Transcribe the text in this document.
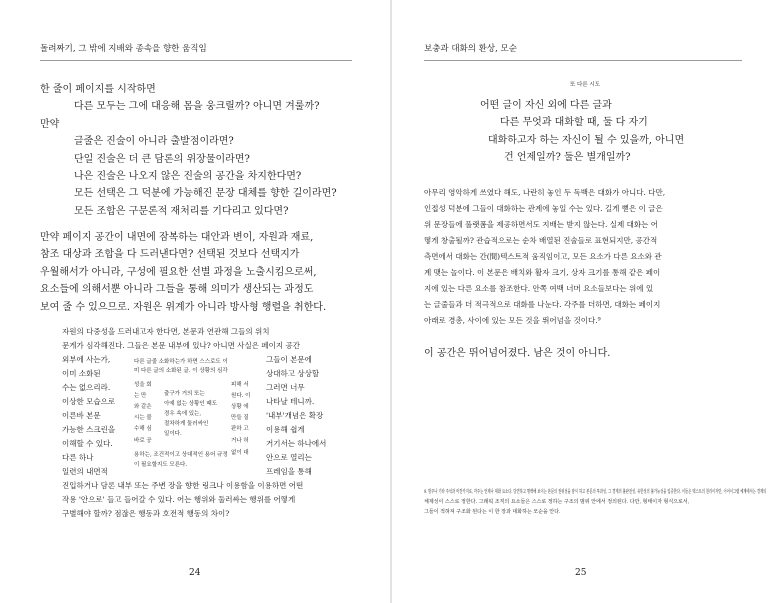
돌려짜기, 그 밖에 지배와 종속을 향한 움직임
한 줄이 페이지를 시작하면
다른 모두는 그에 대응해 몸을 웅크릴까? 아니면 겨룰까?
만약
글줄은 진술이 아니라 출발점이라면?
단일 진술은 더 큰 담론의 위장물이라면?
나은 진술은 나오지 않은 진술의 공간을 차지한다면?
모든 선택은 그 덕분에 가능해진 문장 대체를 향한 길이라면?
모든 조합은 구문론적 재처리를 기다리고 있다면?
만약 페이지 공간이 내면에 잠복하는 대안과 변이, 자원과 재료,
참조 대상과 조합을 다 드러낸다면? 선택된 것보다 선택지가
우월해서가 아니라, 구성에 필요한 선별 과정을 노출시킴으로써,
요소들에 의해서뿐 아니라 그들을 통해 의미가 생산되는 과정도
보여 줄 수 있으므로. 자원은 위계가 아니라 방사형 행렬을 취한다.
자원의 다중성을 드러내고자 한다면, 본문과 연관해 그들의 위치
문게가 심각해진다. 그들은 본문 내부에 있나? 아니면 사실은 페이지 공간
외부에 사는가,
이미 소화된
수는 없으리라.
이상한 모습으로
이른바 본문
가능한 스크린을
이해할 수 있다.
다른 하나
일련의 내면적
다른 글줄 소화하는가 하면 스스로도 이
미 다른 글의 소화된 글. 이 상황의 심각
성을 회
는 만
와 같은
시는 불
수해 심
바로 공
용하는, 조건적이고 상대적인 용어 규정
이 필요할지도 모른다.
출구가 거의 또는
아예 없는 상황인 때도
경우 속에 있는,
절차하게 둘러싸인
일이다.
피해 서
원다. 이
상황 에
만들 질
판하 고
거나 허
없이 대
그들이 본문에
상대하고 상상할
그러면 너무
나타날 테니까.
'내부'개념은 확장
이용해 쉽게
거기서는 하나에서
안으로 열리는
프레임을 통해
진입하거나 담론 내부 또는 주변 장을 향한 링크나 이용함을 이용하면 어떤
작용 '안으로' 들고 들어갈 수 있다. 어는 행위와 둘러싸는 행위를 어떻게
구별해야 할까? 점잖은 행동과 호전적 행동의 차이?
24
보충과 대화의 환상, 모순
또 다른 시도
어떤 글이 자신 외에 다른 글과
다른 무엇과 대화할 때, 둘 다 자기
대화하고자 하는 자신이 될 수 있을까, 아니면
건 언제일까? 둘은 별개일까?
아무리 영악하게 쓰였다 해도, 나란히 놓인 두 독백은 대화가 아니다. 다만,
인접성 덕분에 그들이 대화하는 관계에 놓일 수는 있다. 길게 뻗은 이 글은
위 문장들에 풀랫폼을 제공하면서도 지배는 받지 않는다. 실제 대화는 어
떻게 창출될까? 관습적으로는 순차 배열된 진술들로 표현되지만, 공간적
측면에서 대화는 간(間)텍스트적 움직임이고, 모든 요소가 다른 요소와 관
계 맺는 놀이다. 이 본문은 배치와 활자 크기, 상자 크기를 통해 같은 페이
지에 있는 다른 요소를 참조한다. 안쪽 여백 너머 요소들보다는 위에 있
는 글줄들과 더 적극적으로 대화를 나눈다. 각주를 더하면, 대화는 페이지
아래로 경총, 사이에 있는 모든 것을 뛰어넘을 것이다.⁹
이 공간은 뛰어넘어졌다. 남은 것이 아니다.
9. 방주나 기타 주석과 마찬가지로, 각주는 언제나 대화 요소다. 당연하고 명백해 보이는 본문의 권위성을 잠식 하고 본문의 투과성, 그 경계의 불완전성, 유한성의 불가능성을 입증한다. 이들은 텍스트의 원리이자만, 이어이그램 체계에서는 경계의
체제성이 스스로 정한다. 그래픽 조직의 요소들은 스스로 정하는 구조의 범위 안에서 정의된다. 다만, 형태이자 형식으로서,
그들이 적혀져 구조화 된다는 이 한 장과 대화하는 모순을 안다.
25
